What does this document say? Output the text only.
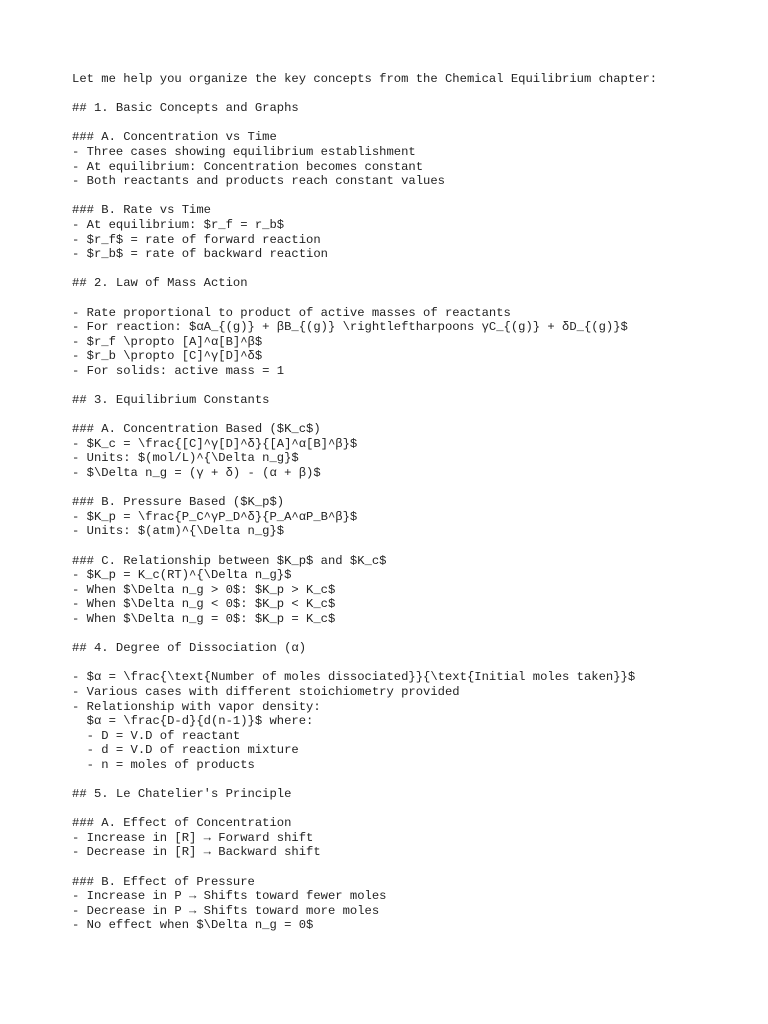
Let me help you organize the key concepts from the Chemical Equilibrium chapter:
## 1. Basic Concepts and Graphs
### A. Concentration vs Time
- Three cases showing equilibrium establishment
- At equilibrium: Concentration becomes constant
- Both reactants and products reach constant values
### B. Rate vs Time
- At equilibrium: $r_f = r_b$
- $r_f$ = rate of forward reaction
- $r_b$ = rate of backward reaction
## 2. Law of Mass Action
- Rate proportional to product of active masses of reactants
- For reaction: $αA_{(g)} + βB_{(g)} \rightleftharpoons γC_{(g)} + δD_{(g)}$
- $r_f \propto [A]^α[B]^β$
- $r_b \propto [C]^γ[D]^δ$
- For solids: active mass = 1
## 3. Equilibrium Constants
### A. Concentration Based ($K_c$)
- $K_c = \frac{[C]^γ[D]^δ}{[A]^α[B]^β}$
- Units: $(mol/L)^{\Delta n_g}$
- $\Delta n_g = (γ + δ) - (α + β)$
### B. Pressure Based ($K_p$)
- $K_p = \frac{P_C^γP_D^δ}{P_A^αP_B^β}$
- Units: $(atm)^{\Delta n_g}$
### C. Relationship between $K_p$ and $K_c$
- $K_p = K_c(RT)^{\Delta n_g}$
- When $\Delta n_g > 0$: $K_p > K_c$
- When $\Delta n_g < 0$: $K_p < K_c$
- When $\Delta n_g = 0$: $K_p = K_c$
## 4. Degree of Dissociation (α)
- $α = \frac{\text{Number of moles dissociated}}{\text{Initial moles taken}}$
- Various cases with different stoichiometry provided
- Relationship with vapor density:
$α = \frac{D-d}{d(n-1)}$ where:
- D = V.D of reactant
- d = V.D of reaction mixture
- n = moles of products
## 5. Le Chatelier's Principle
### A. Effect of Concentration
- Increase in [R] → Forward shift
- Decrease in [R] → Backward shift
### B. Effect of Pressure
- Increase in P → Shifts toward fewer moles
- Decrease in P → Shifts toward more moles
- No effect when $\Delta n_g = 0$
